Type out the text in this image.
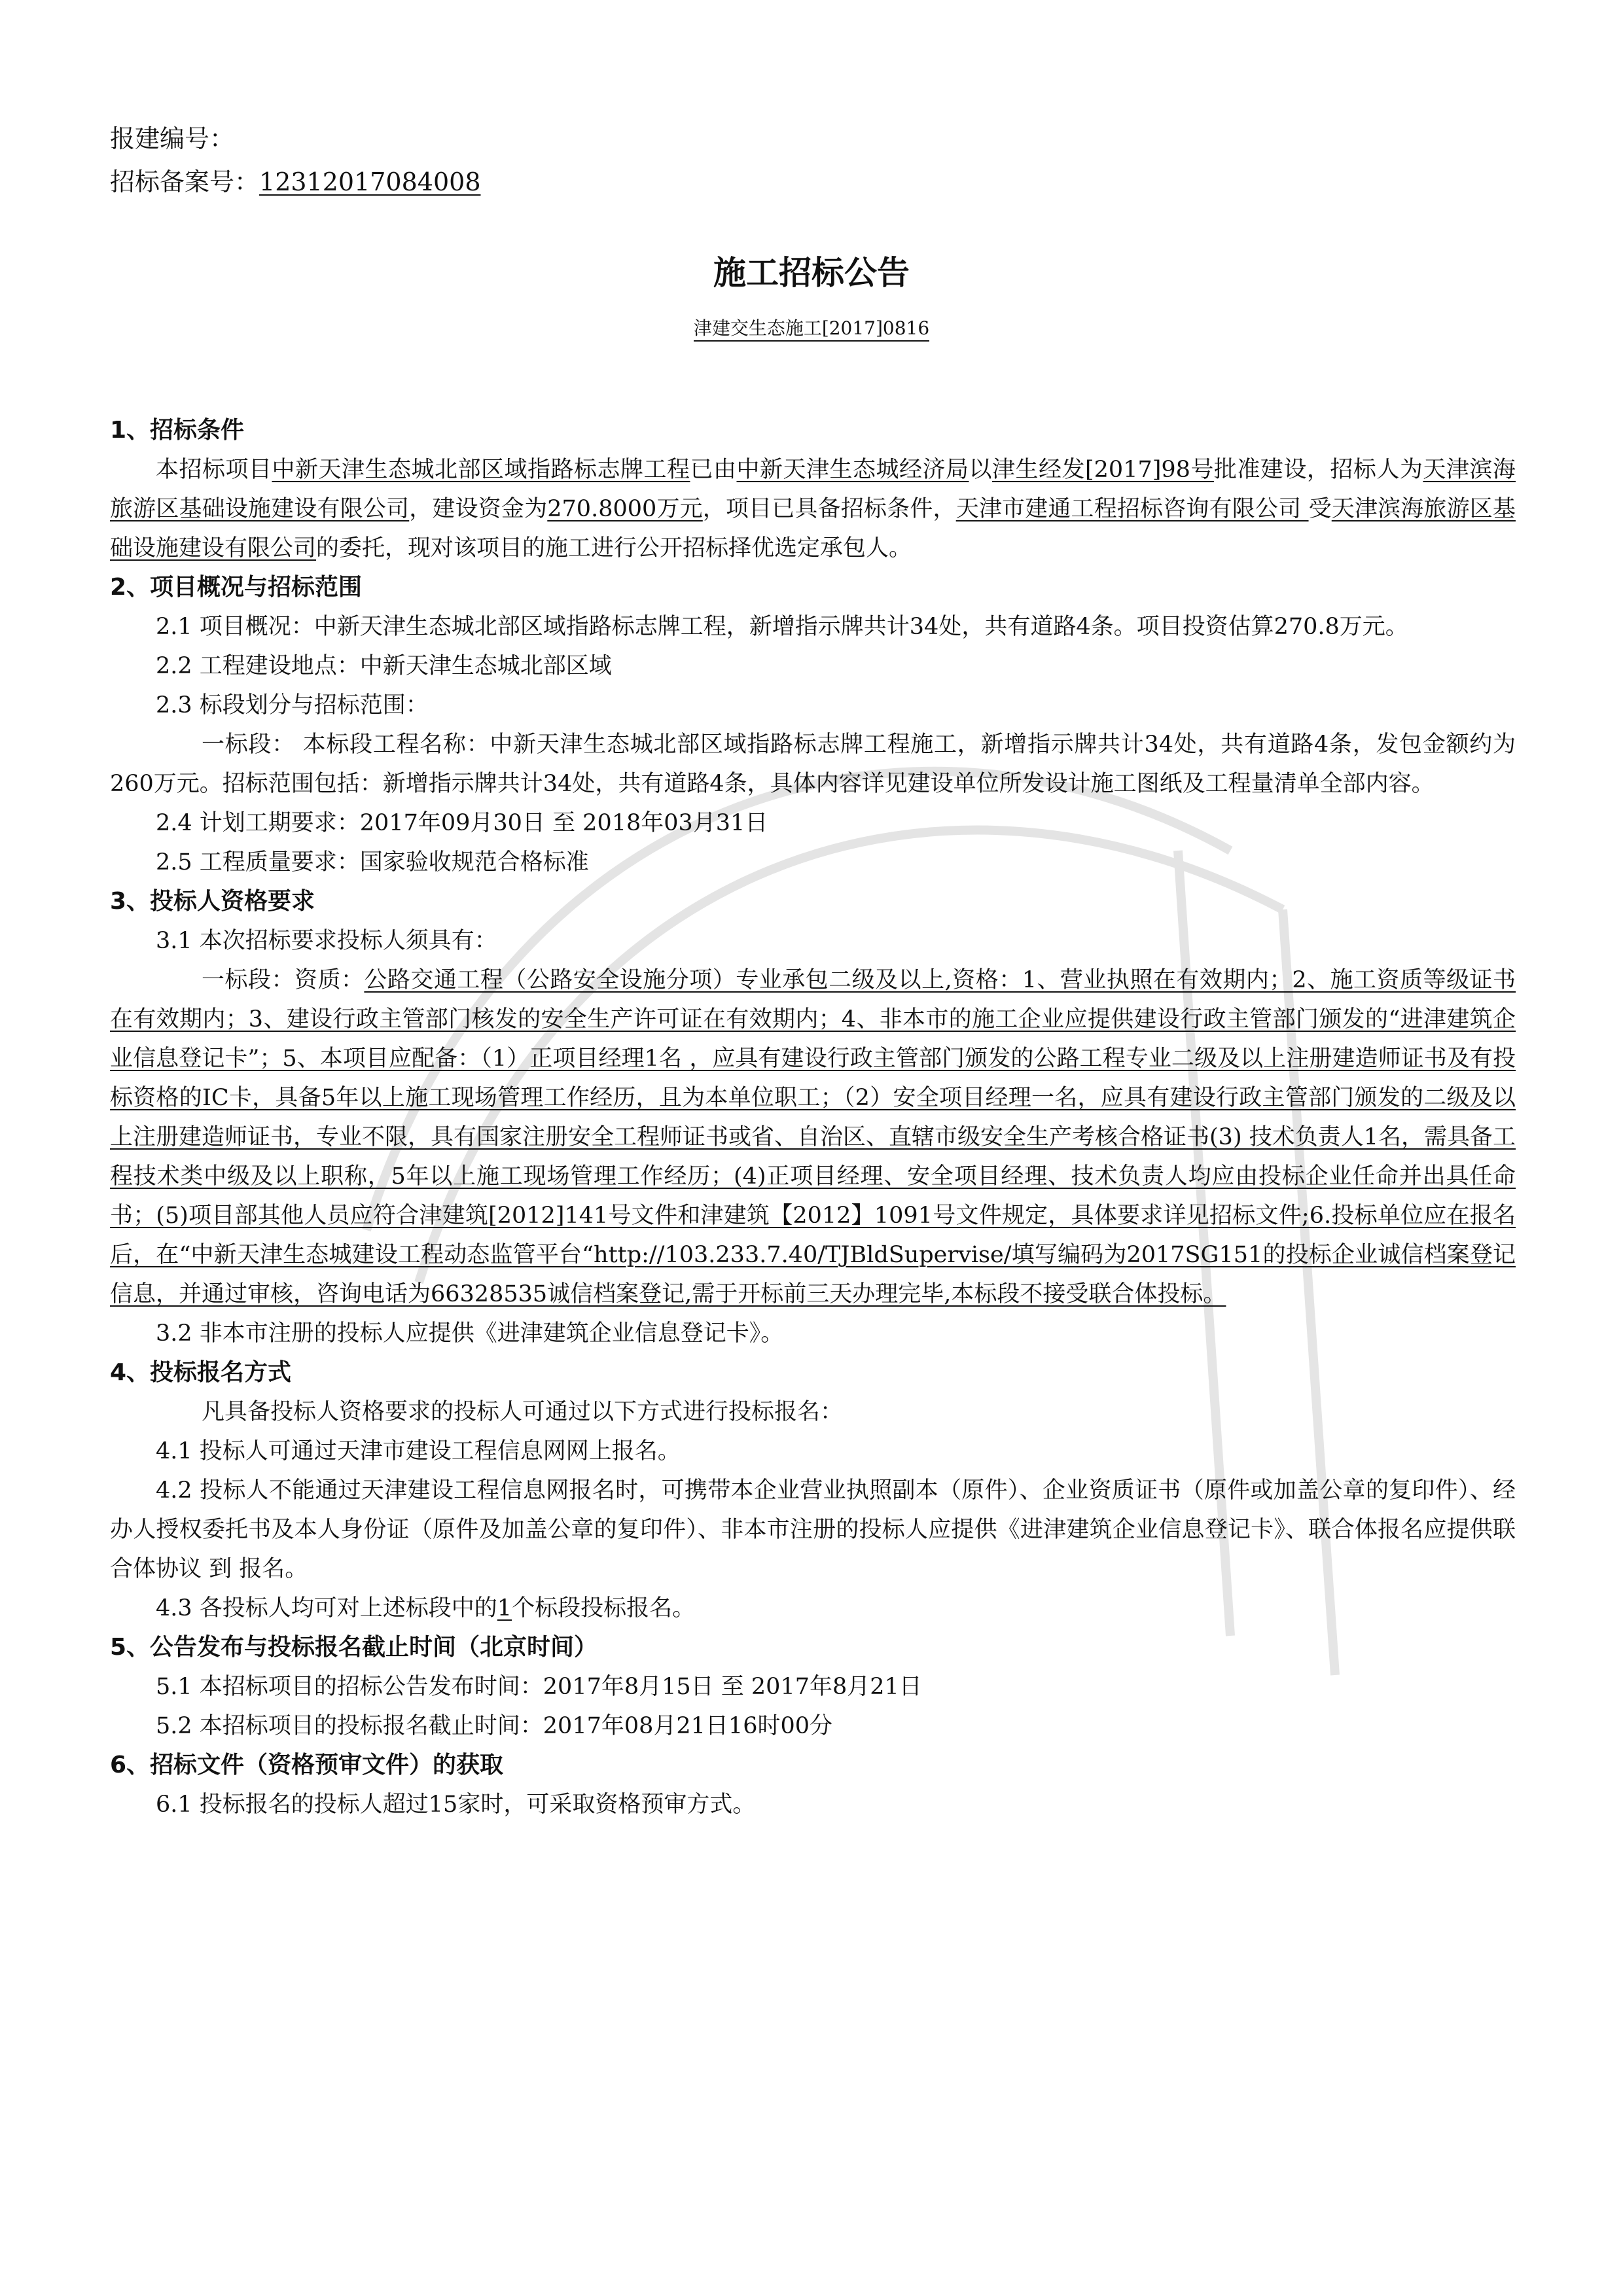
报建编号：
招标备案号：12312017084008
施工招标公告
津建交生态施工[2017]0816
1、招标条件
本招标项目中新天津生态城北部区域指路标志牌工程已由中新天津生态城经济局以津生经发[2017]98号批准建设，招标人为天津滨海旅游区基础设施建设有限公司，建设资金为270.8000万元，项目已具备招标条件，天津市建通工程招标咨询有限公司 受天津滨海旅游区基础设施建设有限公司的委托，现对该项目的施工进行公开招标择优选定承包人。
2、项目概况与招标范围
2.1 项目概况：中新天津生态城北部区域指路标志牌工程，新增指示牌共计34处，共有道路4条。项目投资估算270.8万元。
2.2 工程建设地点：中新天津生态城北部区域
2.3 标段划分与招标范围：
一标段： 本标段工程名称：中新天津生态城北部区域指路标志牌工程施工，新增指示牌共计34处，共有道路4条，发包金额约为260万元。招标范围包括：新增指示牌共计34处，共有道路4条，具体内容详见建设单位所发设计施工图纸及工程量清单全部内容。
2.4 计划工期要求：2017年09月30日 至 2018年03月31日
2.5 工程质量要求：国家验收规范合格标准
3、投标人资格要求
3.1 本次招标要求投标人须具有：
一标段：资质：公路交通工程（公路安全设施分项）专业承包二级及以上,资格：1、营业执照在有效期内；2、施工资质等级证书在有效期内；3、建设行政主管部门核发的安全生产许可证在有效期内；4、非本市的施工企业应提供建设行政主管部门颁发的“进津建筑企业信息登记卡”；5、本项目应配备：（1）正项目经理1名 ，应具有建设行政主管部门颁发的公路工程专业二级及以上注册建造师证书及有投标资格的IC卡，具备5年以上施工现场管理工作经历，且为本单位职工；（2）安全项目经理一名，应具有建设行政主管部门颁发的二级及以上注册建造师证书，专业不限，具有国家注册安全工程师证书或省、自治区、直辖市级安全生产考核合格证书(3) 技术负责人1名，需具备工程技术类中级及以上职称，5年以上施工现场管理工作经历；(4)正项目经理、安全项目经理、技术负责人均应由投标企业任命并出具任命书；(5)项目部其他人员应符合津建筑[2012]141号文件和津建筑【2012】1091号文件规定，具体要求详见招标文件;6.投标单位应在报名后，在“中新天津生态城建设工程动态监管平台“http://103.233.7.40/TJBldSupervise/填写编码为2017SG151的投标企业诚信档案登记信息，并通过审核，咨询电话为66328535诚信档案登记,需于开标前三天办理完毕,本标段不接受联合体投标。
3.2 非本市注册的投标人应提供《进津建筑企业信息登记卡》。
4、投标报名方式
凡具备投标人资格要求的投标人可通过以下方式进行投标报名：
4.1 投标人可通过天津市建设工程信息网网上报名。
4.2 投标人不能通过天津建设工程信息网报名时，可携带本企业营业执照副本（原件）、企业资质证书（原件或加盖公章的复印件）、经办人授权委托书及本人身份证（原件及加盖公章的复印件）、非本市注册的投标人应提供《进津建筑企业信息登记卡》、联合体报名应提供联合体协议 到 报名。
4.3 各投标人均可对上述标段中的1个标段投标报名。
5、公告发布与投标报名截止时间（北京时间）
5.1 本招标项目的招标公告发布时间：2017年8月15日 至 2017年8月21日
5.2 本招标项目的投标报名截止时间：2017年08月21日16时00分
6、招标文件（资格预审文件）的获取
6.1 投标报名的投标人超过15家时，可采取资格预审方式。
